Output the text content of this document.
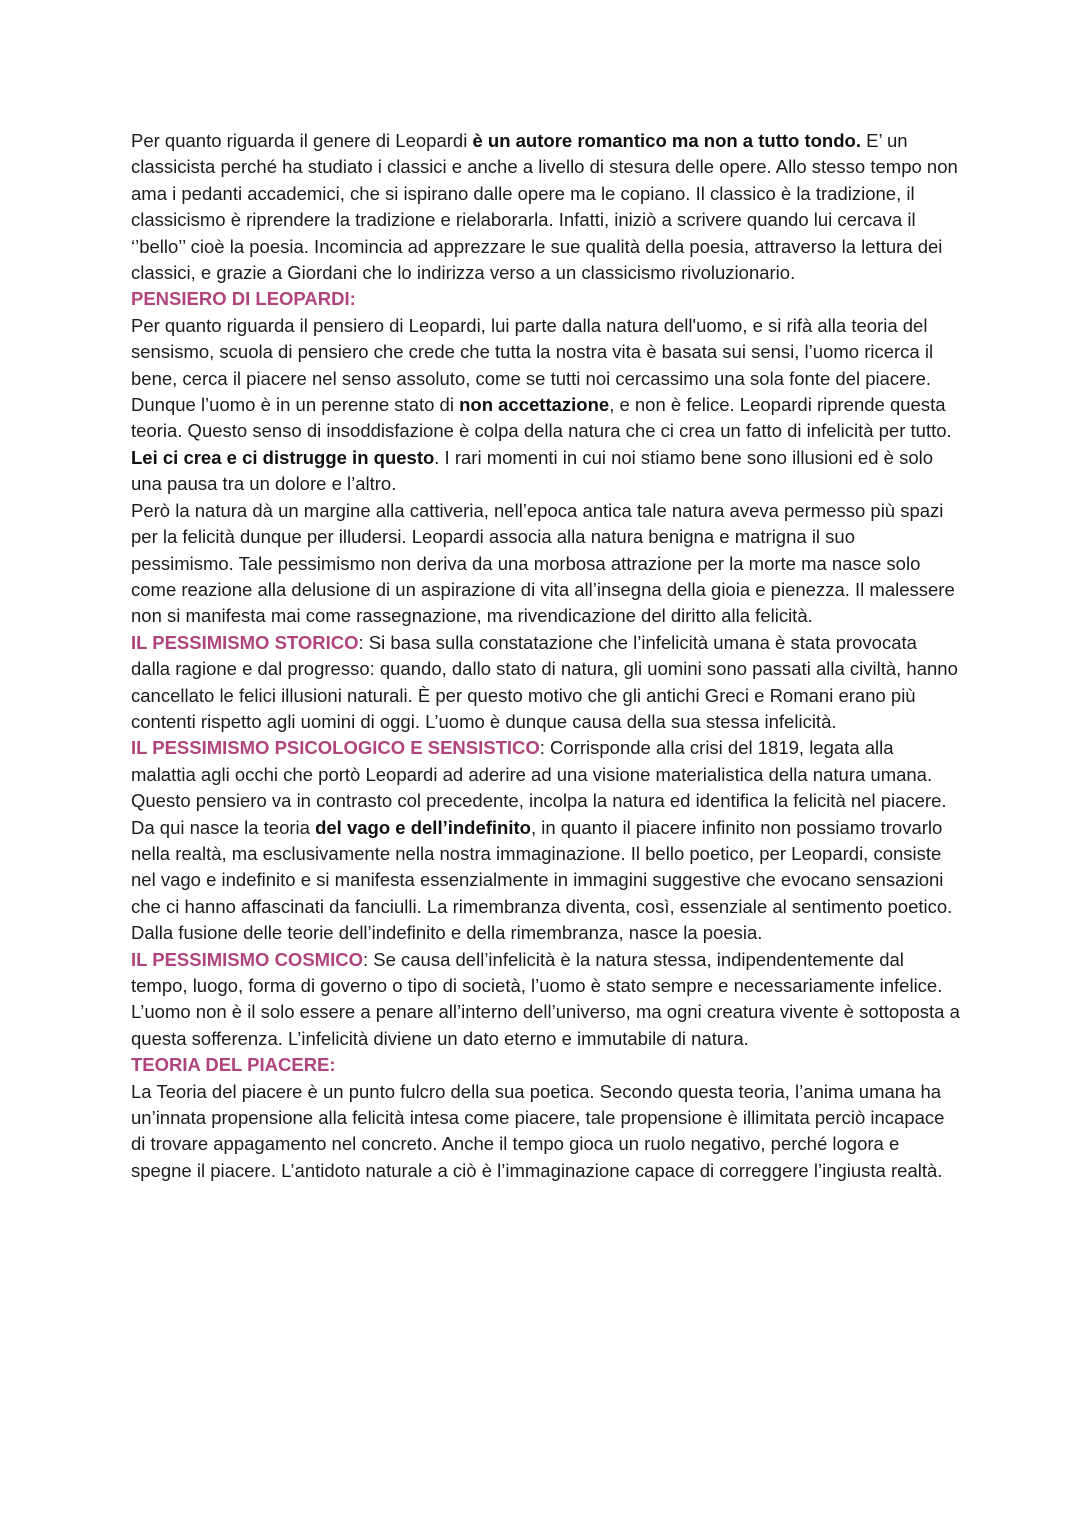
Per quanto riguarda il genere di Leopardi è un autore romantico ma non a tutto tondo. E’ un classicista perché ha studiato i classici e anche a livello di stesura delle opere. Allo stesso tempo non ama i pedanti accademici, che si ispirano dalle opere ma le copiano. Il classico è la tradizione, il classicismo è riprendere la tradizione e rielaborarla. Infatti, iniziò a scrivere quando lui cercava il ‘’bello’’ cioè la poesia. Incomincia ad apprezzare le sue qualità della poesia, attraverso la lettura dei classici, e grazie a Giordani che lo indirizza verso a un classicismo rivoluzionario.

PENSIERO DI LEOPARDI:

Per quanto riguarda il pensiero di Leopardi, lui parte dalla natura dell'uomo, e si rifà alla teoria del sensismo, scuola di pensiero che crede che tutta la nostra vita è basata sui sensi, l’uomo ricerca il bene, cerca il piacere nel senso assoluto, come se tutti noi cercassimo una sola fonte del piacere.

Dunque l’uomo è in un perenne stato di non accettazione, e non è felice. Leopardi riprende questa teoria. Questo senso di insoddisfazione è colpa della natura che ci crea un fatto di infelicità per tutto. Lei ci crea e ci distrugge in questo. I rari momenti in cui noi stiamo bene sono illusioni ed è solo una pausa tra un dolore e l’altro.

Però la natura dà un margine alla cattiveria, nell’epoca antica tale natura aveva permesso più spazi per la felicità dunque per illudersi. Leopardi associa alla natura benigna e matrigna il suo pessimismo. Tale pessimismo non deriva da una morbosa attrazione per la morte ma nasce solo come reazione alla delusione di un aspirazione di vita all’insegna della gioia e pienezza. Il malessere non si manifesta mai come rassegnazione, ma rivendicazione del diritto alla felicità.

IL PESSIMISMO STORICO: Si basa sulla constatazione che l’infelicità umana è stata provocata dalla ragione e dal progresso: quando, dallo stato di natura, gli uomini sono passati alla civiltà, hanno cancellato le felici illusioni naturali. È per questo motivo che gli antichi Greci e Romani erano più contenti rispetto agli uomini di oggi. L’uomo è dunque causa della sua stessa infelicità.

IL PESSIMISMO PSICOLOGICO E SENSISTICO: Corrisponde alla crisi del 1819, legata alla malattia agli occhi che portò Leopardi ad aderire ad una visione materialistica della natura umana. Questo pensiero va in contrasto col precedente, incolpa la natura ed identifica la felicità nel piacere.

Da qui nasce la teoria del vago e dell’indefinito, in quanto il piacere infinito non possiamo trovarlo nella realtà, ma esclusivamente nella nostra immaginazione. Il bello poetico, per Leopardi, consiste nel vago e indefinito e si manifesta essenzialmente in immagini suggestive che evocano sensazioni che ci hanno affascinati da fanciulli. La rimembranza diventa, così, essenziale al sentimento poetico. Dalla fusione delle teorie dell’indefinito e della rimembranza, nasce la poesia.

IL PESSIMISMO COSMICO: Se causa dell’infelicità è la natura stessa, indipendentemente dal tempo, luogo, forma di governo o tipo di società, l’uomo è stato sempre e necessariamente infelice. L’uomo non è il solo essere a penare all’interno dell’universo, ma ogni creatura vivente è sottoposta a questa sofferenza. L’infelicità diviene un dato eterno e immutabile di natura.

TEORIA DEL PIACERE:

La Teoria del piacere è un punto fulcro della sua poetica. Secondo questa teoria, l’anima umana ha un’innata propensione alla felicità intesa come piacere, tale propensione è illimitata perciò incapace di trovare appagamento nel concreto. Anche il tempo gioca un ruolo negativo, perché logora e spegne il piacere. L’antidoto naturale a ciò è l’immaginazione capace di correggere l’ingiusta realtà.
